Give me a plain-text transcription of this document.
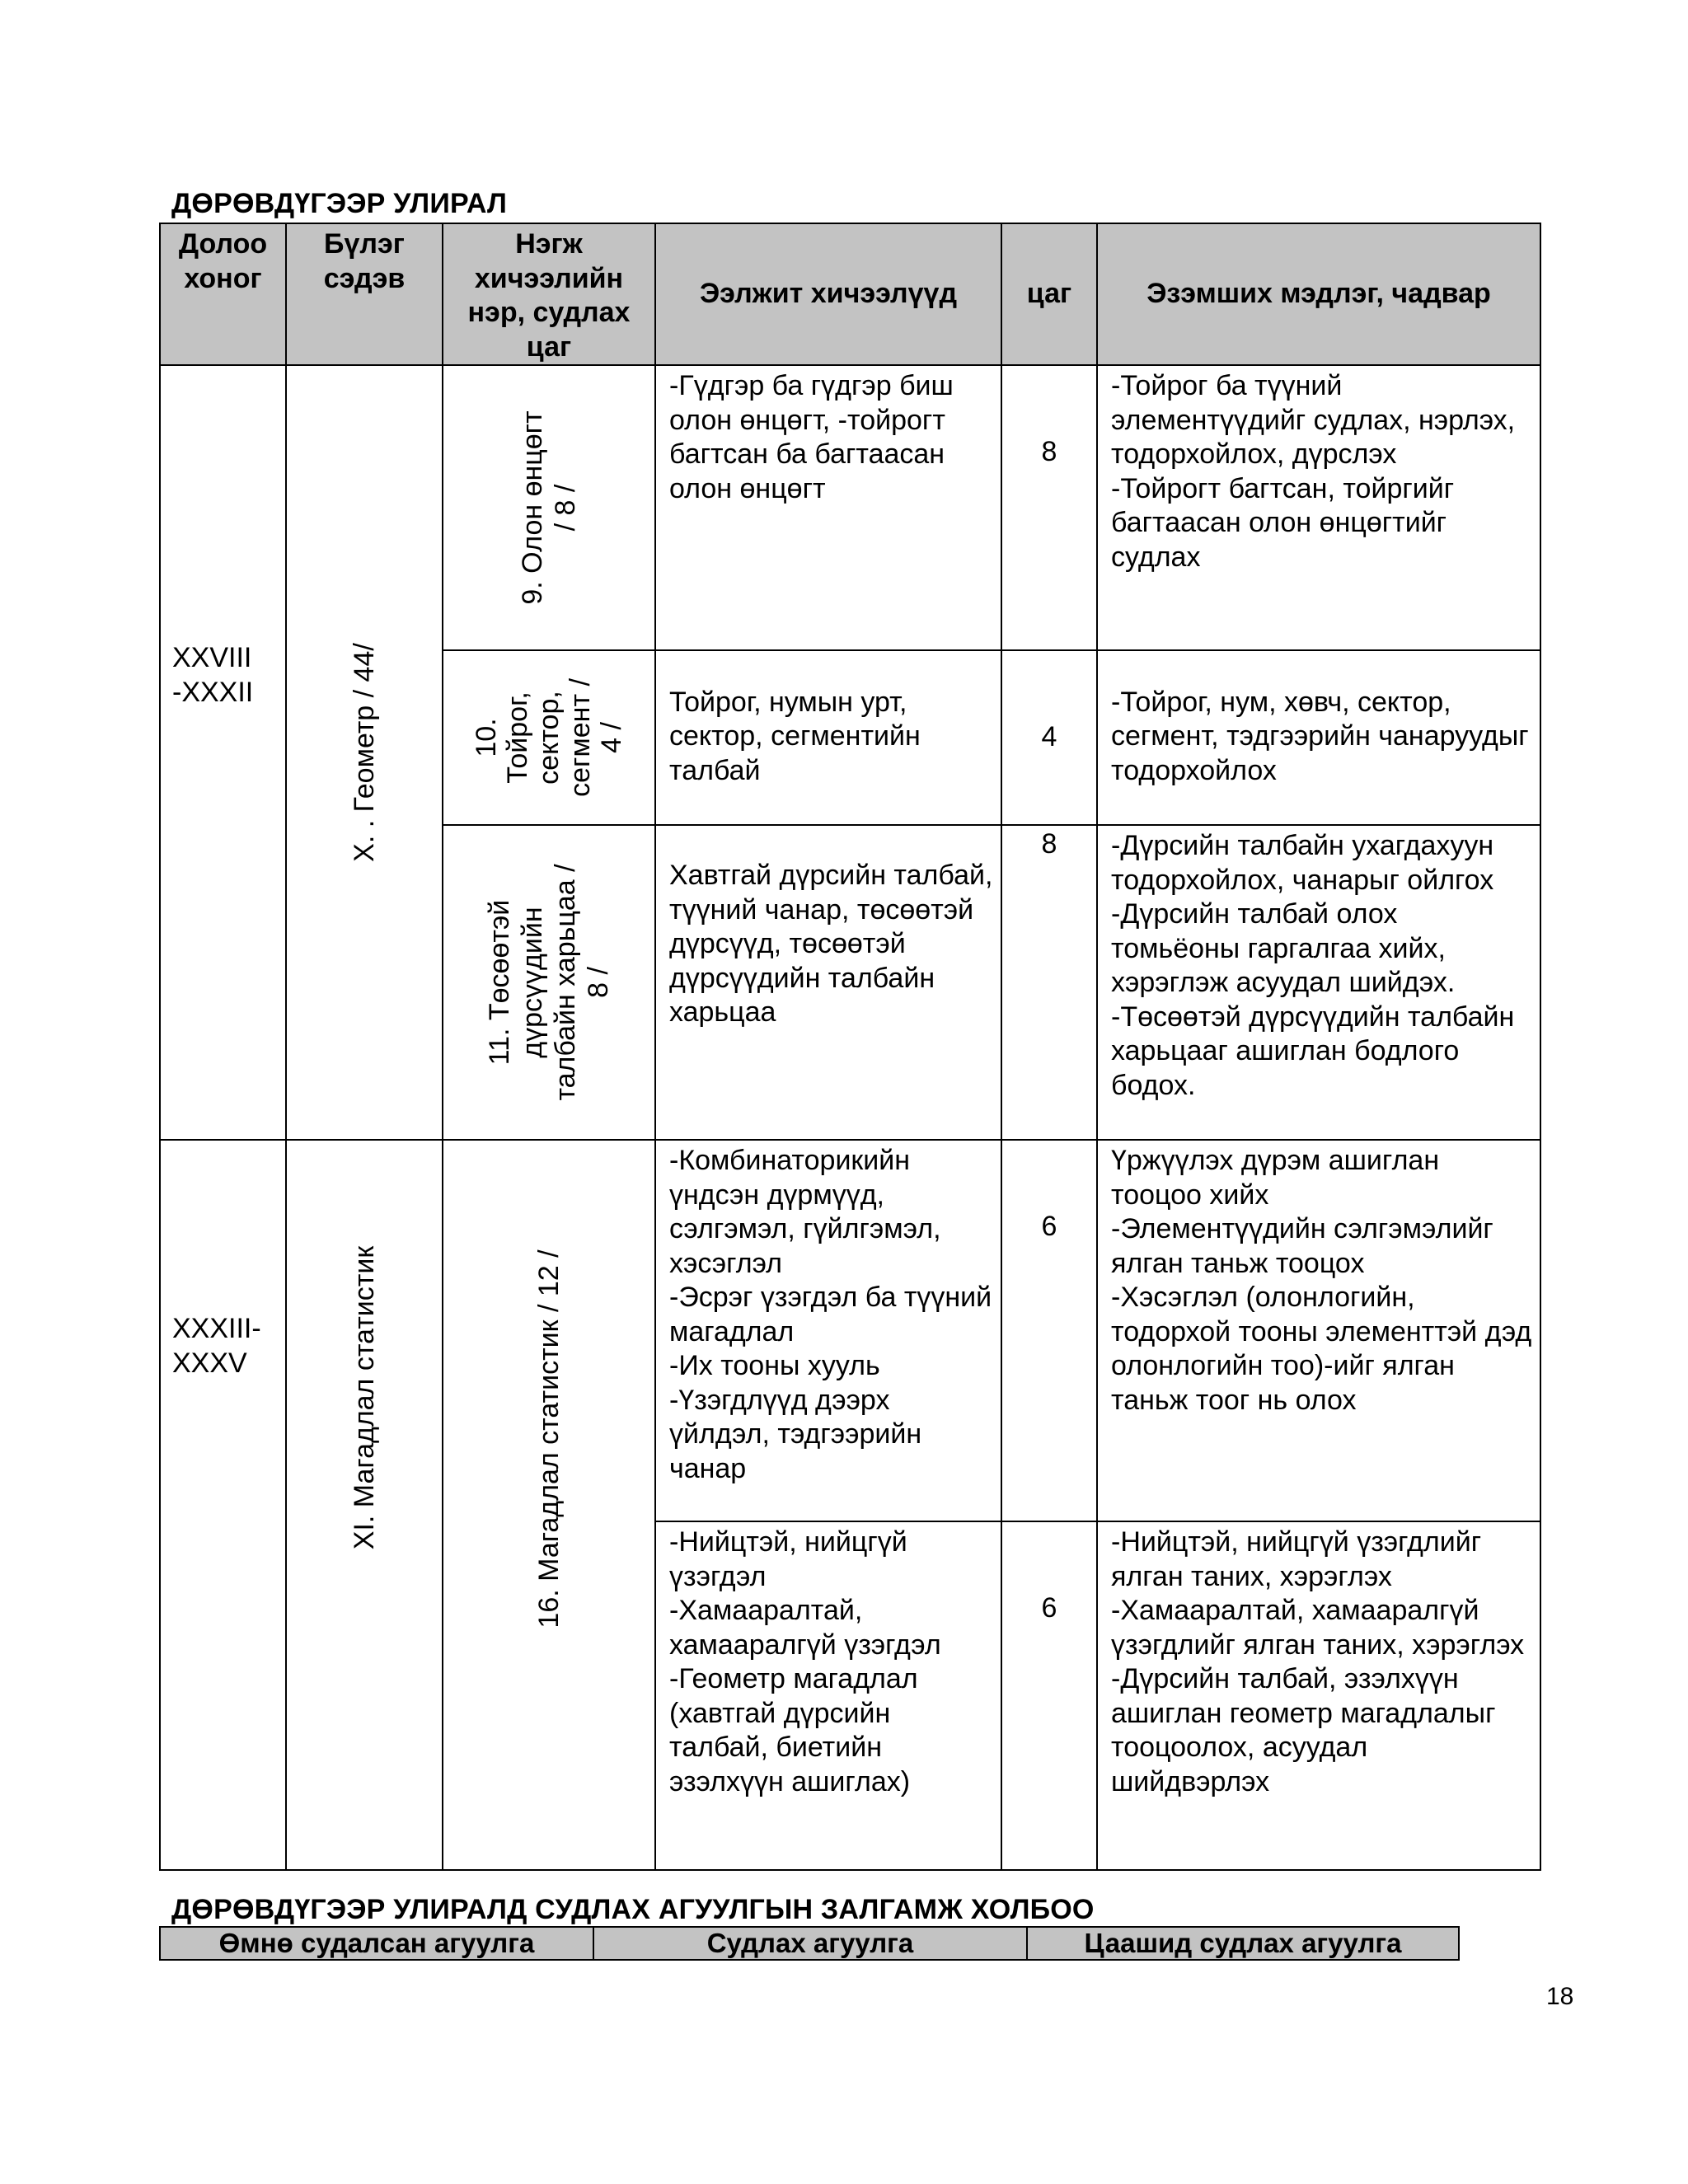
ДӨРӨВДҮГЭЭР УЛИРАЛ
Долоо
хоног	Бүлэг
сэдэв	Нэгж
хичээлийн
нэр, судлах
цаг	Ээлжит хичээлүүд	цаг	Эзэмших мэдлэг, чадвар

XXVIII
-XXXII	X. . Геометр / 44/	9. Олон өнцөгт
/ 8 /	-Гүдгэр ба гүдгэр биш олон өнцөгт, -тойрогт багтсан ба багтаасан олон өнцөгт	8	-Тойрог ба түүний элементүүдийг судлах, нэрлэх, тодорхойлох, дүрслэх
-Тойрогт багтсан, тойргийг багтаасан олон өнцөгтийг судлах

		10.
Тойрог,
сектор,
сегмент /
4 /	Тойрог, нумын урт, сектор, сегментийн талбай	4	-Тойрог, нум, хөвч, сектор, сегмент, тэдгээрийн чанаруудыг тодорхойлох

		11. Төсөөтэй
дүрсүүдийн
талбайн харьцаа /
8 /	Хавтгай дүрсийн талбай, түүний чанар, төсөөтэй дүрсүүд, төсөөтэй дүрсүүдийн талбайн харьцаа	8	-Дүрсийн талбайн ухагдахуун тодорхойлох, чанарыг ойлгох
-Дүрсийн талбай олох томьёоны гаргалгаа хийх, хэрэглэж асуудал шийдэх.
-Төсөөтэй дүрсүүдийн талбайн
харьцааг ашиглан бодлого бодох.

XXXIII-
XXXV	XI. Магадлал статистик	16. Магадлал статистик / 12 /	-Комбинаторикийн үндсэн дүрмүүд, сэлгэмэл, гүйлгэмэл, хэсэглэл
-Эсрэг үзэгдэл ба түүний магадлал
-Их тооны хууль
-Үзэгдлүүд дээрх үйлдэл, тэдгээрийн чанар	6	Үржүүлэх дүрэм ашиглан тооцоо хийх
-Элементүүдийн сэлгэмэлийг ялган таньж тооцох
-Хэсэглэл (олонлогийн, тодорхой тооны элементтэй дэд олонлогийн тоо)-ийг ялган таньж тоог нь олох

			-Нийцтэй, нийцгүй үзэгдэл
-Хамааралтай, хамааралгүй үзэгдэл
-Геометр магадлал (хавтгай дүрсийн талбай, биетийн эзэлхүүн ашиглах)	6	-Нийцтэй, нийцгүй үзэгдлийг ялган таних, хэрэглэх
-Хамааралтай, хамааралгүй үзэгдлийг ялган таних, хэрэглэх
-Дүрсийн талбай, эзэлхүүн ашиглан геометр магадлалыг тооцоолох, асуудал шийдвэрлэх
ДӨРӨВДҮГЭЭР УЛИРАЛД СУДЛАХ АГУУЛГЫН ЗАЛГАМЖ ХОЛБОО
Өмнө судалсан агуулга	Судлах агуулга	Цаашид судлах агуулга
18
